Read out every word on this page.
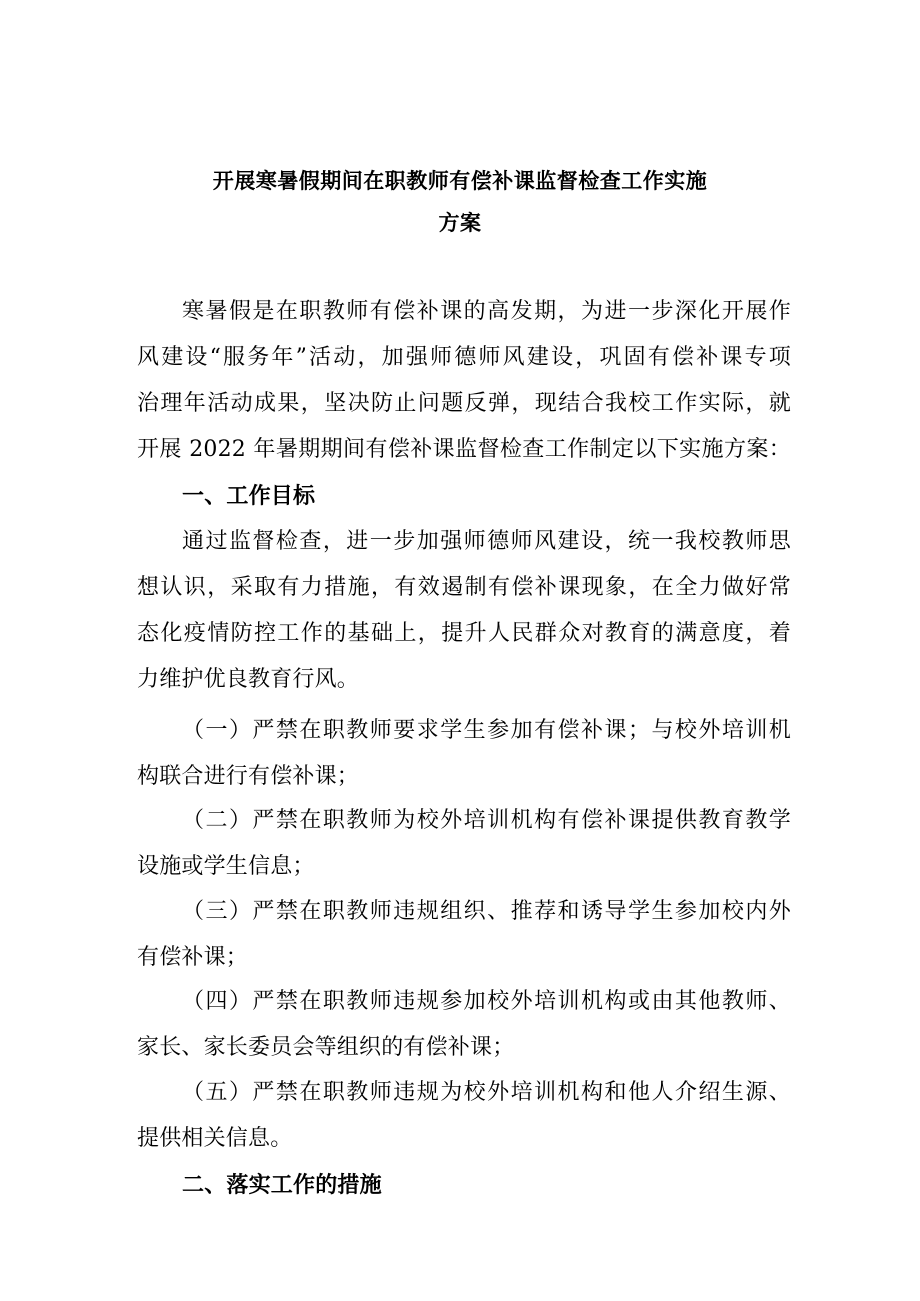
开展寒暑假期间在职教师有偿补课监督检查工作实施
方案
寒暑假是在职教师有偿补课的高发期，为进一步深化开展作
风建设“服务年”活动，加强师德师风建设，巩固有偿补课专项
治理年活动成果，坚决防止问题反弹，现结合我校工作实际，就
开展 2022 年暑期期间有偿补课监督检查工作制定以下实施方案：
一、工作目标
通过监督检查，进一步加强师德师风建设，统一我校教师思
想认识，采取有力措施，有效遏制有偿补课现象，在全力做好常
态化疫情防控工作的基础上，提升人民群众对教育的满意度，着
力维护优良教育行风。
（一）严禁在职教师要求学生参加有偿补课；与校外培训机
构联合进行有偿补课；
（二）严禁在职教师为校外培训机构有偿补课提供教育教学
设施或学生信息；
（三）严禁在职教师违规组织、推荐和诱导学生参加校内外
有偿补课；
（四）严禁在职教师违规参加校外培训机构或由其他教师、
家长、家长委员会等组织的有偿补课；
（五）严禁在职教师违规为校外培训机构和他人介绍生源、
提供相关信息。
二、落实工作的措施
